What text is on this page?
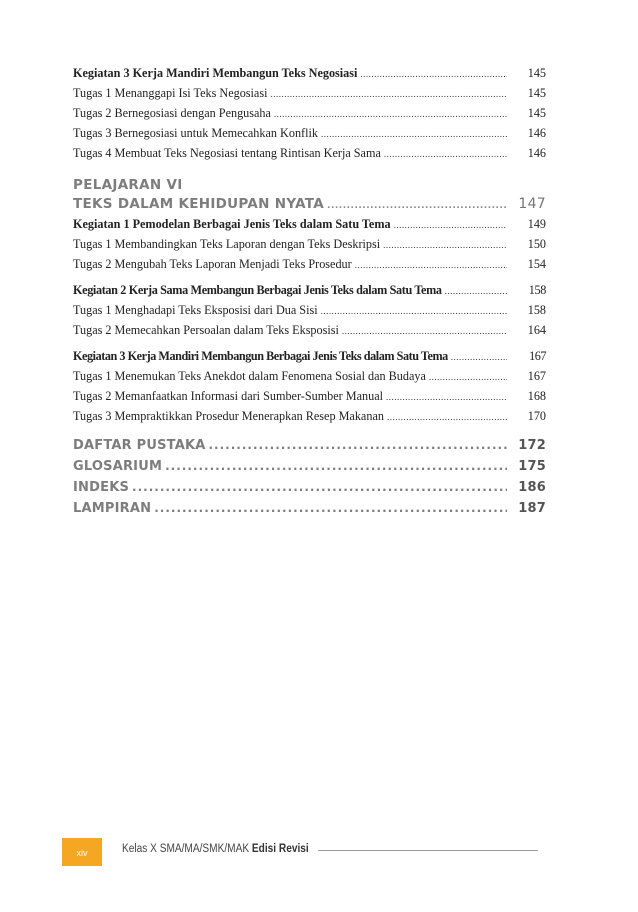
Kegiatan 3 Kerja Mandiri Membangun Teks Negosiasi .....	145
Tugas 1 Menanggapi Isi Teks Negosiasi .....	145
Tugas 2 Bernegosiasi dengan Pengusaha .....	145
Tugas 3 Bernegosiasi untuk Memecahkan Konflik .....	146
Tugas 4 Membuat Teks Negosiasi tentang Rintisan Kerja Sama .....	146
PELAJARAN VI
TEKS DALAM KEHIDUPAN NYATA .....	147
Kegiatan 1 Pemodelan Berbagai Jenis Teks dalam Satu Tema .....	149
Tugas 1 Membandingkan Teks Laporan dengan Teks Deskripsi .....	150
Tugas 2 Mengubah Teks Laporan Menjadi Teks Prosedur .....	154
Kegiatan 2 Kerja Sama Membangun Berbagai Jenis Teks dalam Satu Tema .....	158
Tugas 1 Menghadapi Teks Eksposisi dari Dua Sisi .....	158
Tugas 2 Memecahkan Persoalan dalam Teks Eksposisi .....	164
Kegiatan 3 Kerja Mandiri Membangun Berbagai Jenis Teks dalam Satu Tema .....	167
Tugas 1 Menemukan Teks Anekdot dalam Fenomena Sosial dan Budaya .....	167
Tugas 2 Memanfaatkan Informasi dari Sumber-Sumber Manual .....	168
Tugas 3 Mempraktikkan Prosedur Menerapkan Resep Makanan .....	170
DAFTAR PUSTAKA .....	172
GLOSARIUM .....	175
INDEKS .....	186
LAMPIRAN .....	187
xiv	Kelas X SMA/MA/SMK/MAK Edisi Revisi
